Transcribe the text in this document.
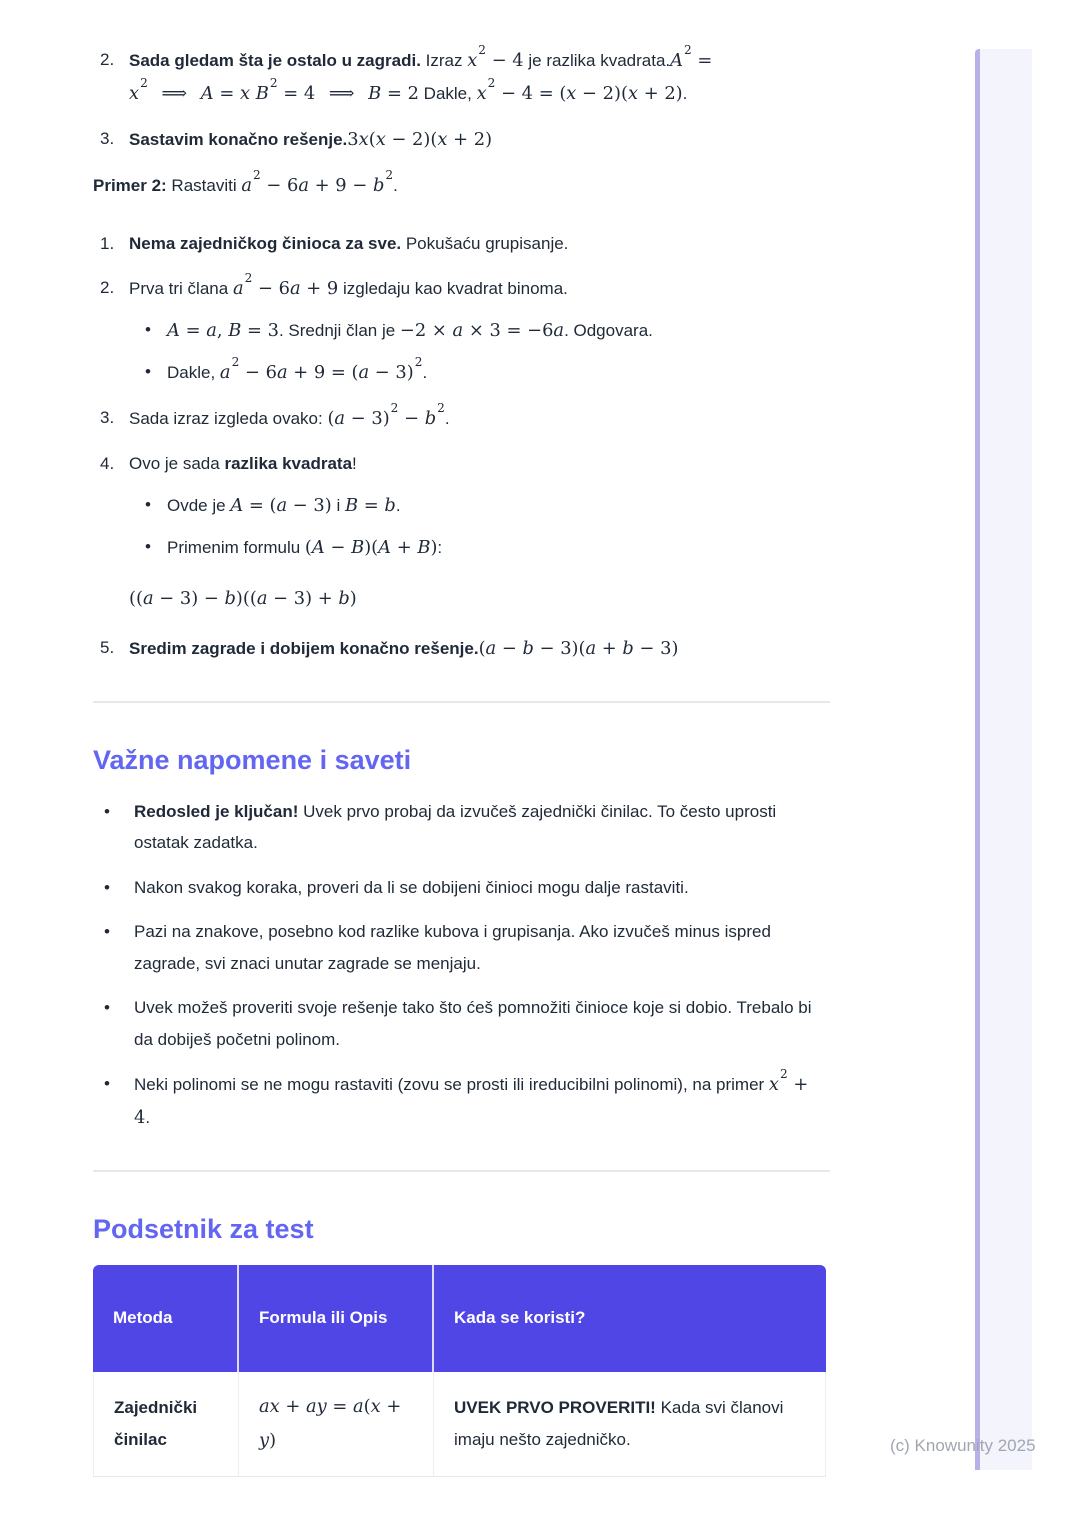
2. Sada gledam šta je ostalo u zagradi. Izraz $x^2 - 4$ je razlika $kvadrata.A^2$ =
$x^2$ ⟹ A = x $B^2 = 4$ ⟹ B = 2 Dakle, $x^2 - 4 = (x - 2)(x + 2)$.
3. Sastavim konačno rešenje.3x(x − 2)(x + 2)
Primer 2: Rastaviti $a^2 - 6a + 9 - b^2$.
1. Nema zajedničkog činioca za sve. Pokušaću grupisanje.
2. Prva tri člana $a^2 - 6a + 9$ izgledaju kao kvadrat binoma.
• A = a, B = 3. Srednji član je −2 × a × 3 = −6a. Odgovara.
• Dakle, $a^2 - 6a + 9 = (a - 3)^2$.
3. Sada izraz izgleda ovako: $(a - 3)^2 - b^2$.
4. Ovo je sada razlika kvadrata!
• Ovde je A = (a − 3) i B = b.
• Primenim formulu (A − B)(A + B):
((a − 3) − b)((a − 3) + b)
5. Sredim zagrade i dobijem konačno rešenje.(a − b − 3)(a + b − 3)
Važne napomene i saveti
•	Redosled je ključan! Uvek prvo probaj da izvučeš zajednički činilac. To često uprosti ostatak zadatka.
•	Nakon svakog koraka, proveri da li se dobijeni činioci mogu dalje rastaviti.
•	Pazi na znakove, posebno kod razlike kubova i grupisanja. Ako izvučeš minus ispred zagrade, svi znaci unutar zagrade se menjaju.
•	Uvek možeš proveriti svoje rešenje tako što ćeš pomnožiti činioce koje si dobio. Trebalo bi da dobiješ početni polinom.
•	Neki polinomi se ne mogu rastaviti (zovu se prosti ili ireducibilni polinomi), na primer $x^2 + 4$.
Podsetnik za test
Metoda	Formula ili Opis	Kada se koristi?
Zajednički činilac	ax + ay = a(x + y)	UVEK PRVO PROVERITI! Kada svi članovi imaju nešto zajedničko.	(c) Knowunity 2025
